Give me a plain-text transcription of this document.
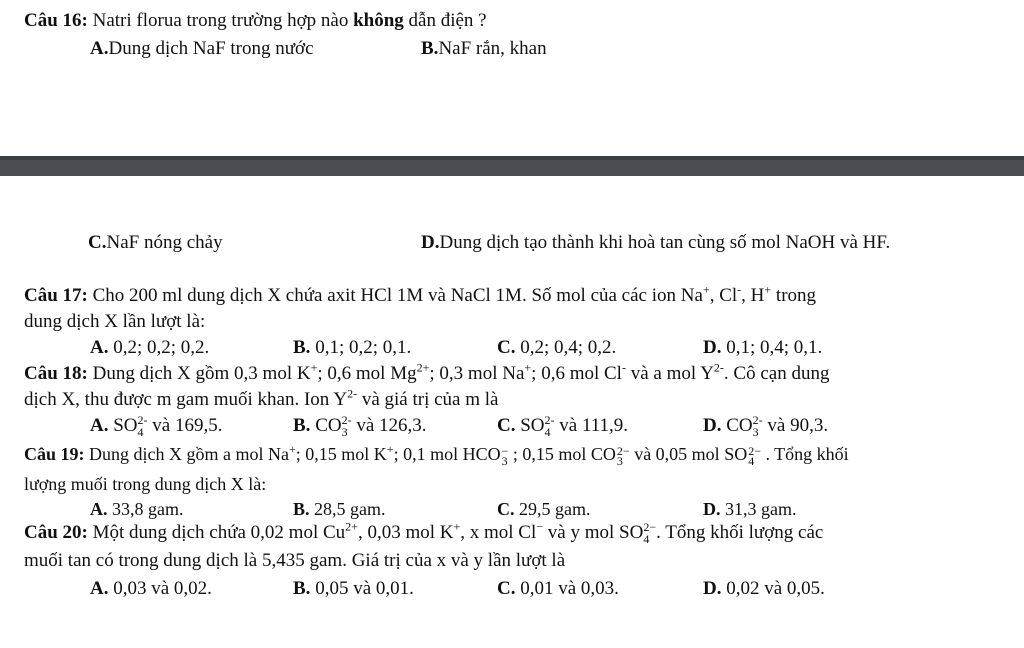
Câu 16: Natri florua trong trường hợp nào không dẫn điện ?
A.Dung dịch NaF trong nước	B.NaF rắn, khan
C.NaF nóng chảy	D.Dung dịch tạo thành khi hoà tan cùng số mol NaOH và HF.
Câu 17: Cho 200 ml dung dịch X chứa axit HCl 1M và NaCl 1M. Số mol của các ion Na+, Cl-, H+ trong
dung dịch X lần lượt là:
A. 0,2; 0,2; 0,2.	B. 0,1; 0,2; 0,1.	C. 0,2; 0,4; 0,2.	D. 0,1; 0,4; 0,1.
Câu 18: Dung dịch X gồm 0,3 mol K+; 0,6 mol $Mg^{2+}$; 0,3 mol Na+; 0,6 mol Cl- và a mol $Y^{2-}$. Cô cạn dung
dịch X, thu được m gam muối khan. Ion $Y^{2-}$ và giá trị của m là
A. $SO_4^{2-}$ và 169,5.	B. $CO_3^{2-}$ và 126,3.	C. $SO_4^{2-}$ và 111,9.	D. $CO_3^{2-}$ và 90,3.
Câu 19: Dung dịch X gồm a mol Na+; 0,15 mol K+; 0,1 mol HCO −
3 ; 0,15 mol CO 2−
3 và 0,05 mol SO 2−
4 . Tổng khối
lượng muối trong dung dịch X là:
A. 33,8 gam.	B. 28,5 gam.	C. 29,5 gam.	D. 31,3 gam.
Câu 20: Một dung dịch chứa 0,02 mol $Cu^{2+}$, 0,03 mol K+, x mol Cl− và y mol $SO_4^{2-}$. Tổng khối lượng các
muối tan có trong dung dịch là 5,435 gam. Giá trị của x và y lần lượt là
A. 0,03 và 0,02.	B. 0,05 và 0,01.	C. 0,01 và 0,03.	D. 0,02 và 0,05.
